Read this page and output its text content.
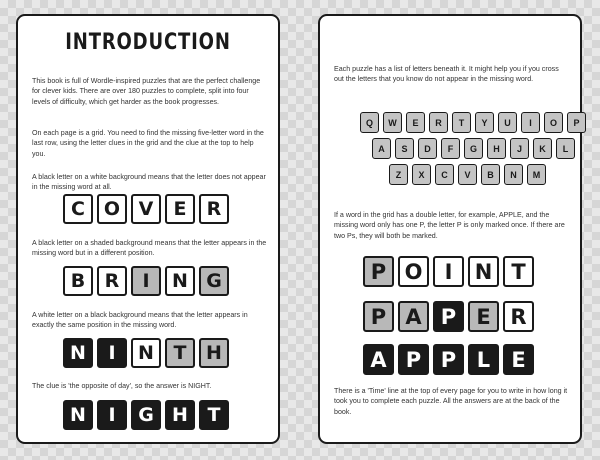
INTRODUCTION
This book is full of Wordle-inspired puzzles that are the perfect challenge for clever kids. There are over 180 puzzles to complete, split into four levels of difficulty, which get harder as the book progresses.
On each page is a grid. You need to find the missing five-letter word in the last row, using the letter clues in the grid and the clue at the top to help you.
A black letter on a white background means that the letter does not appear in the missing word at all.
C O V	E	R
A black letter on a shaded background means that the letter appears in the missing word but in a different position.
B	R	I	N G
A white letter on a black background means that the letter appears in exactly the same position in the missing word.
N	I	N	T	H
The clue is 'the opposite of day', so the answer is NIGHT.
N	I	G H	T
Each puzzle has a list of letters beneath it. It might help you if you cross out the letters that you know do not appear in the missing word.
Q	W	E	R	T	Y	U	I	O	P
A	S	D	F	G	H	J	K	L
Z	X	C	V	B	N	M
If a word in the grid has a double letter, for example, APPLE, and the missing word only has one P, the letter P is only marked once. If there are two Ps, they will both be marked.
P O	I	N T
P A P E R
A P P L	E
There is a 'Time' line at the top of every page for you to write in how long it took you to complete each puzzle. All the answers are at the back of the book.
